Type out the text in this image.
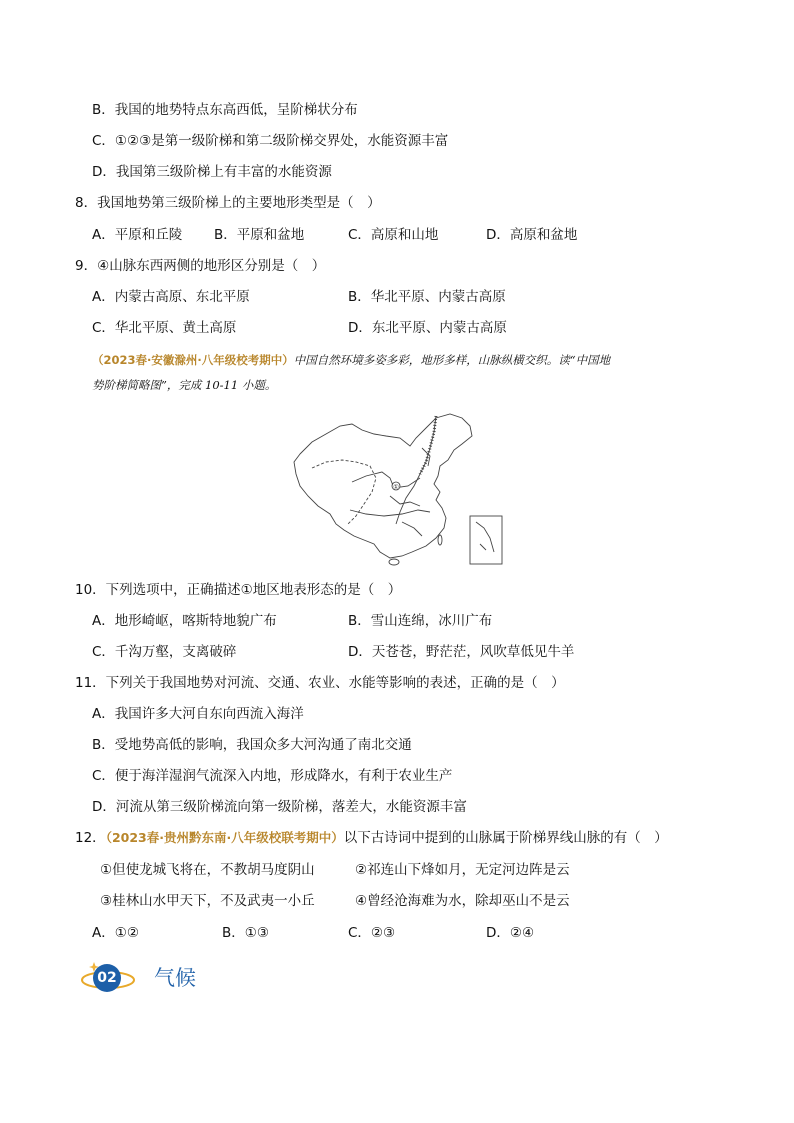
B．我国的地势特点东高西低，呈阶梯状分布
C．①②③是第一级阶梯和第二级阶梯交界处，水能资源丰富
D．我国第三级阶梯上有丰富的水能资源
8．我国地势第三级阶梯上的主要地形类型是（　）
A．平原和丘陵 B．平原和盆地	C．高原和山地	D．高原和盆地
9．④山脉东西两侧的地形区分别是（　）
A．内蒙古高原、东北平原	B．华北平原、内蒙古高原
C．华北平原、黄土高原	D．东北平原、内蒙古高原
（2023春·安徽滁州·八年级校考期中）中国自然环境多姿多彩，地形多样，山脉纵横交织。读“中国地
势阶梯简略图”，完成 10-11 小题。
①
10．下列选项中，正确描述①地区地表形态的是（　）
A．地形崎岖，喀斯特地貌广布	B．雪山连绵，冰川广布
C．千沟万壑，支离破碎	D．天苍苍，野茫茫，风吹草低见牛羊
11．下列关于我国地势对河流、交通、农业、水能等影响的表述，正确的是（　）
A．我国许多大河自东向西流入海洋
B．受地势高低的影响，我国众多大河沟通了南北交通
C．便于海洋湿润气流深入内地，形成降水，有利于农业生产
D．河流从第三级阶梯流向第一级阶梯，落差大，水能资源丰富
12．（2023春·贵州黔东南·八年级校联考期中）以下古诗词中提到的山脉属于阶梯界线山脉的有（　）
①但使龙城飞将在，不教胡马度阴山	②祁连山下烽如月，无定河边阵是云
③桂林山水甲天下，不及武夷一小丘	④曾经沧海难为水，除却巫山不是云
A．①②	B．①③	C．②③	D．②④
02 气候
